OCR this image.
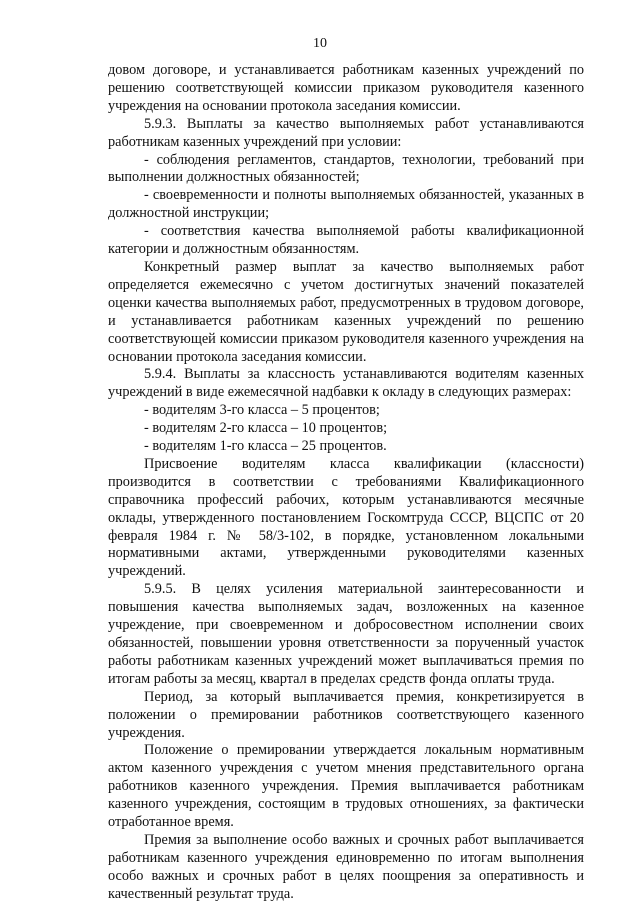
10

довом договоре, и устанавливается работникам казенных учреждений по решению соответствующей комиссии приказом руководителя казенного учреждения на основании протокола заседания комиссии.

5.9.3. Выплаты за качество выполняемых работ устанавливаются работникам казенных учреждений при условии:

- соблюдения регламентов, стандартов, технологии, требований при выполнении должностных обязанностей;

- своевременности и полноты выполняемых обязанностей, указанных в должностной инструкции;

- соответствия качества выполняемой работы квалификационной категории и должностным обязанностям.

Конкретный размер выплат за качество выполняемых работ определяется ежемесячно с учетом достигнутых значений показателей оценки качества выполняемых работ, предусмотренных в трудовом договоре, и устанавливается работникам казенных учреждений по решению соответствующей комиссии приказом руководителя казенного учреждения на основании протокола заседания комиссии.

5.9.4. Выплаты за классность устанавливаются водителям казенных учреждений в виде ежемесячной надбавки к окладу в следующих размерах:

- водителям 3-го класса – 5 процентов;

- водителям 2-го класса – 10 процентов;

- водителям 1-го класса – 25 процентов.

Присвоение водителям класса квалификации (классности) производится в соответствии с требованиями Квалификационного справочника профессий рабочих, которым устанавливаются месячные оклады, утвержденного постановлением Госкомтруда СССР, ВЦСПС от 20 февраля 1984 г. № 58/3-102, в порядке, установленном локальными нормативными актами, утвержденными руководителями казенных учреждений.

5.9.5. В целях усиления материальной заинтересованности и повышения качества выполняемых задач, возложенных на казенное учреждение, при своевременном и добросовестном исполнении своих обязанностей, повышении уровня ответственности за порученный участок работы работникам казенных учреждений может выплачиваться премия по итогам работы за месяц, квартал в пределах средств фонда оплаты труда.

Период, за который выплачивается премия, конкретизируется в положении о премировании работников соответствующего казенного учреждения.

Положение о премировании утверждается локальным нормативным актом казенного учреждения с учетом мнения представительного органа работников казенного учреждения. Премия выплачивается работникам казенного учреждения, состоящим в трудовых отношениях, за фактически отработанное время.

Премия за выполнение особо важных и срочных работ выплачивается работникам казенного учреждения единовременно по итогам выполнения особо важных и срочных работ в целях поощрения за оперативность и качественный результат труда.
